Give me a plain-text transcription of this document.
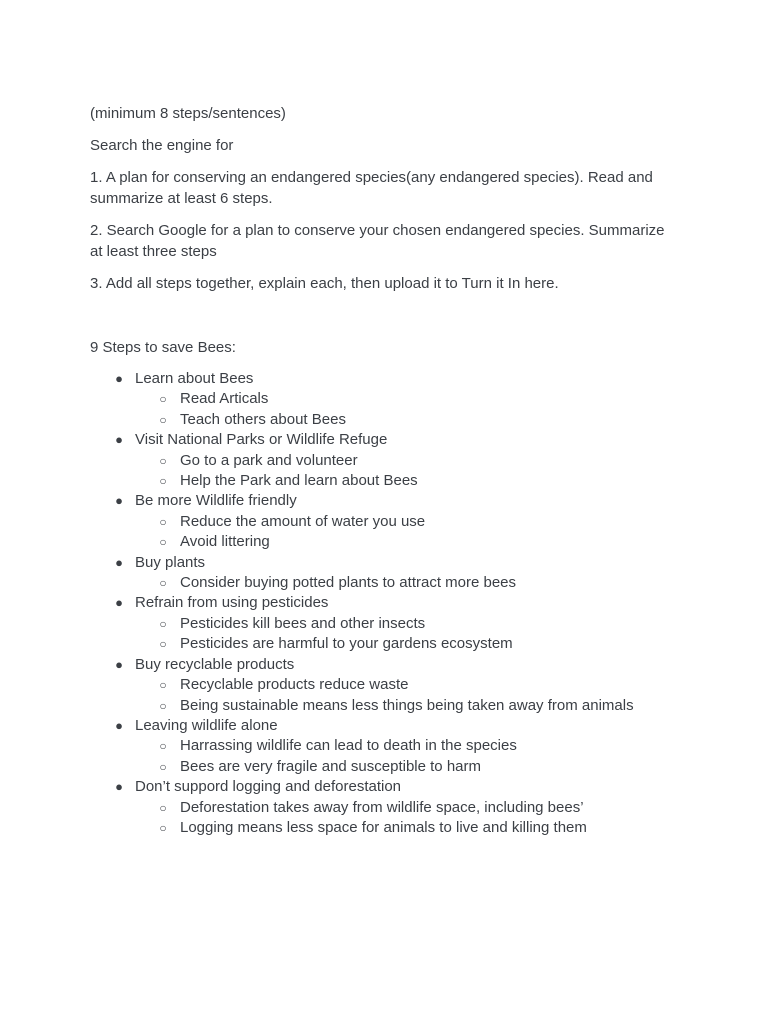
(minimum 8 steps/sentences)

Search the engine for

1. A plan for conserving an endangered species(any endangered species). Read and summarize at least 6 steps.

2. Search Google for a plan to conserve your chosen endangered species. Summarize at least three steps

3. Add all steps together, explain each, then upload it to Turn it In here.

9 Steps to save Bees:

● Learn about Bees
○ Read Articals
○ Teach others about Bees
● Visit National Parks or Wildlife Refuge
○ Go to a park and volunteer
○ Help the Park and learn about Bees
● Be more Wildlife friendly
○ Reduce the amount of water you use
○ Avoid littering
● Buy plants
○ Consider buying potted plants to attract more bees
● Refrain from using pesticides
○ Pesticides kill bees and other insects
○ Pesticides are harmful to your gardens ecosystem
● Buy recyclable products
○ Recyclable products reduce waste
○ Being sustainable means less things being taken away from animals
● Leaving wildlife alone
○ Harrassing wildlife can lead to death in the species
○ Bees are very fragile and susceptible to harm
● Don’t suppord logging and deforestation
○ Deforestation takes away from wildlife space, including bees’
○ Logging means less space for animals to live and killing them
